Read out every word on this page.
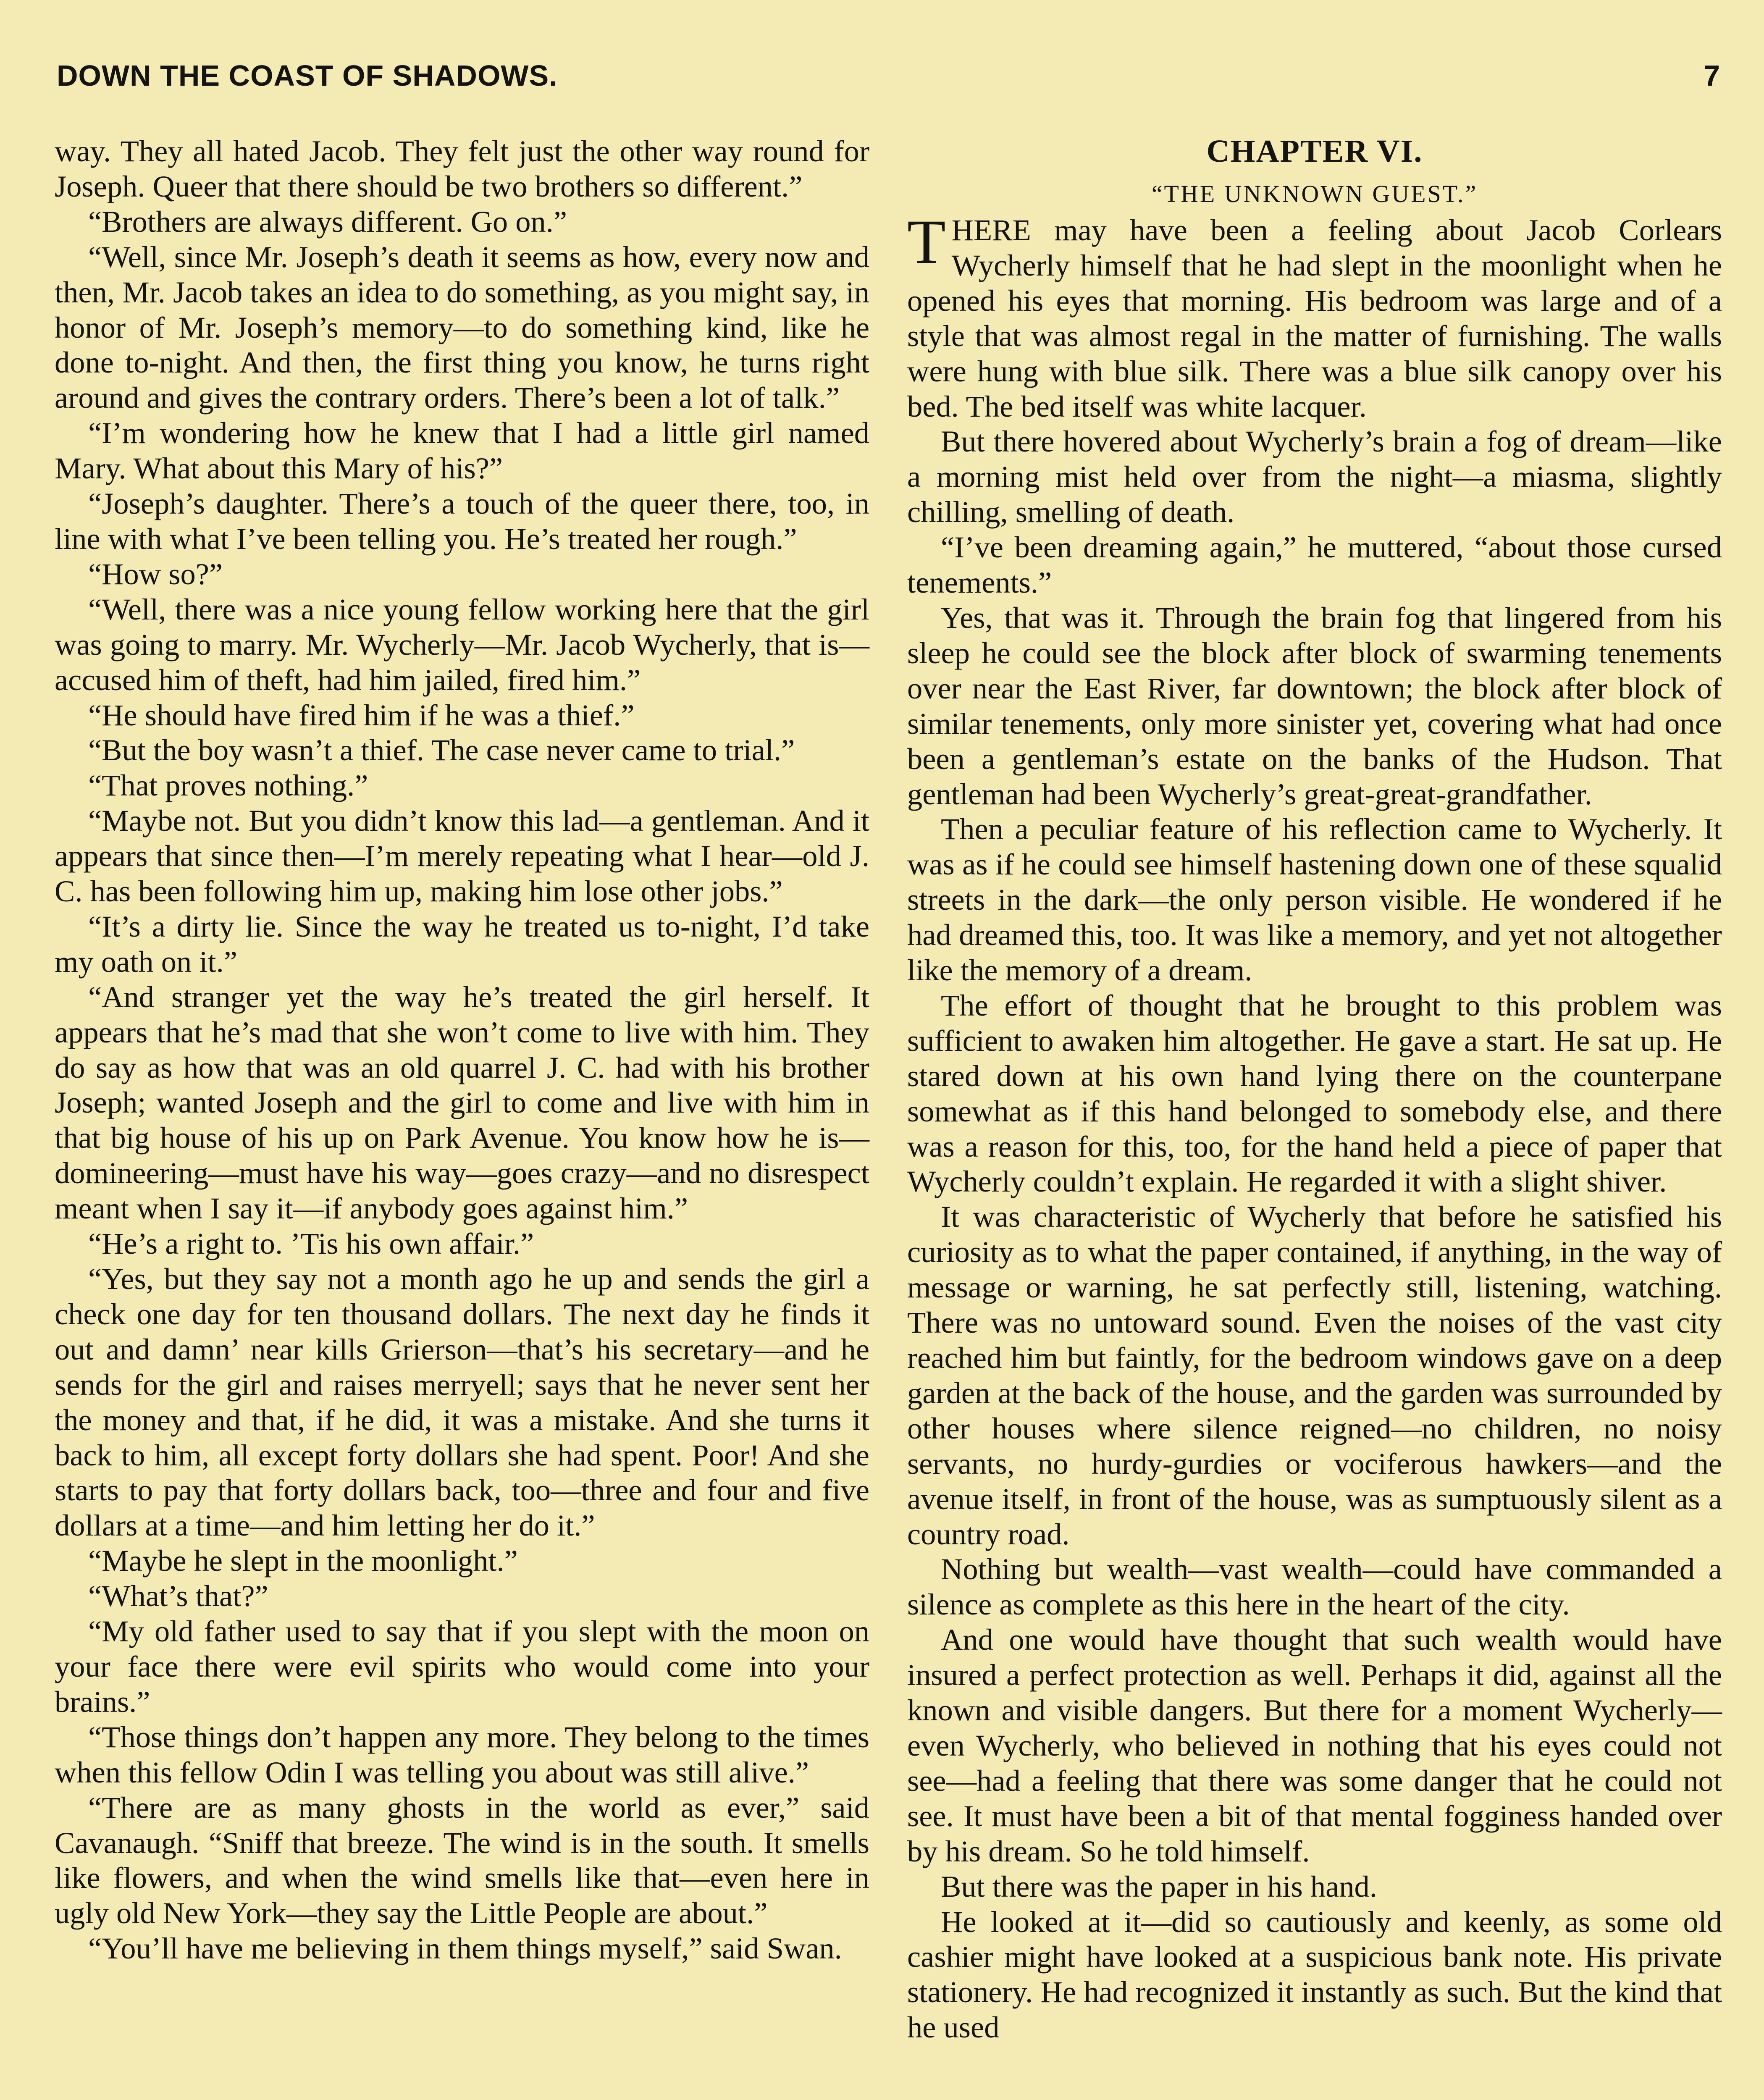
DOWN THE COAST OF SHADOWS.	7

way. They all hated Jacob. They felt just the other way round for Joseph. Queer that there should be two brothers so different.”

“Brothers are always different. Go on.”

“Well, since Mr. Joseph’s death it seems as how, every now and then, Mr. Jacob takes an idea to do something, as you might say, in honor of Mr. Joseph’s memory—to do something kind, like he done to-night. And then, the first thing you know, he turns right around and gives the contrary orders. There’s been a lot of talk.”

“I’m wondering how he knew that I had a little girl named Mary. What about this Mary of his?”

“Joseph’s daughter. There’s a touch of the queer there, too, in line with what I’ve been telling you. He’s treated her rough.”

“How so?”

“Well, there was a nice young fellow working here that the girl was going to marry. Mr. Wycherly—Mr. Jacob Wycherly, that is—accused him of theft, had him jailed, fired him.”

“He should have fired him if he was a thief.”

“But the boy wasn’t a thief. The case never came to trial.”

“That proves nothing.”

“Maybe not. But you didn’t know this lad—a gentleman. And it appears that since then—I’m merely repeating what I hear—old J. C. has been following him up, making him lose other jobs.”

“It’s a dirty lie. Since the way he treated us to-night, I’d take my oath on it.”

“And stranger yet the way he’s treated the girl herself. It appears that he’s mad that she won’t come to live with him. They do say as how that was an old quarrel J. C. had with his brother Joseph; wanted Joseph and the girl to come and live with him in that big house of his up on Park Avenue. You know how he is—domineering—must have his way—goes crazy—and no disrespect meant when I say it—if anybody goes against him.”

“He’s a right to. ’Tis his own affair.”

“Yes, but they say not a month ago he up and sends the girl a check one day for ten thousand dollars. The next day he finds it out and damn’ near kills Grierson—that’s his secretary—and he sends for the girl and raises merryell; says that he never sent her the money and that, if he did, it was a mistake. And she turns it back to him, all except forty dollars she had spent. Poor! And she starts to pay that forty dollars back, too—three and four and five dollars at a time—and him letting her do it.”

“Maybe he slept in the moonlight.”

“What’s that?”

“My old father used to say that if you slept with the moon on your face there were evil spirits who would come into your brains.”

“Those things don’t happen any more. They belong to the times when this fellow Odin I was telling you about was still alive.”

“There are as many ghosts in the world as ever,” said Cavanaugh. “Sniff that breeze. The wind is in the south. It smells like flowers, and when the wind smells like that—even here in ugly old New York—they say the Little People are about.”

“You’ll have me believing in them things myself,” said Swan.

CHAPTER VI.
“THE UNKNOWN GUEST.”

THERE may have been a feeling about Jacob Corlears Wycherly himself that he had slept in the moonlight when he opened his eyes that morning. His bedroom was large and of a style that was almost regal in the matter of furnishing. The walls were hung with blue silk. There was a blue silk canopy over his bed. The bed itself was white lacquer.

But there hovered about Wycherly’s brain a fog of dream—like a morning mist held over from the night—a miasma, slightly chilling, smelling of death.

“I’ve been dreaming again,” he muttered, “about those cursed tenements.”

Yes, that was it. Through the brain fog that lingered from his sleep he could see the block after block of swarming tenements over near the East River, far downtown; the block after block of similar tenements, only more sinister yet, covering what had once been a gentleman’s estate on the banks of the Hudson. That gentleman had been Wycherly’s great-great-grandfather.

Then a peculiar feature of his reflection came to Wycherly. It was as if he could see himself hastening down one of these squalid streets in the dark—the only person visible. He wondered if he had dreamed this, too. It was like a memory, and yet not altogether like the memory of a dream.

The effort of thought that he brought to this problem was sufficient to awaken him altogether. He gave a start. He sat up. He stared down at his own hand lying there on the counterpane somewhat as if this hand belonged to somebody else, and there was a reason for this, too, for the hand held a piece of paper that Wycherly couldn’t explain. He regarded it with a slight shiver.

It was characteristic of Wycherly that before he satisfied his curiosity as to what the paper contained, if anything, in the way of message or warning, he sat perfectly still, listening, watching. There was no untoward sound. Even the noises of the vast city reached him but faintly, for the bedroom windows gave on a deep garden at the back of the house, and the garden was surrounded by other houses where silence reigned—no children, no noisy servants, no hurdy-gurdies or vociferous hawkers—and the avenue itself, in front of the house, was as sumptuously silent as a country road.

Nothing but wealth—vast wealth—could have commanded a silence as complete as this here in the heart of the city.

And one would have thought that such wealth would have insured a perfect protection as well. Perhaps it did, against all the known and visible dangers. But there for a moment Wycherly—even Wycherly, who believed in nothing that his eyes could not see—had a feeling that there was some danger that he could not see. It must have been a bit of that mental fogginess handed over by his dream. So he told himself.

But there was the paper in his hand.

He looked at it—did so cautiously and keenly, as some old cashier might have looked at a suspicious bank note. His private stationery. He had recognized it instantly as such. But the kind that he used
